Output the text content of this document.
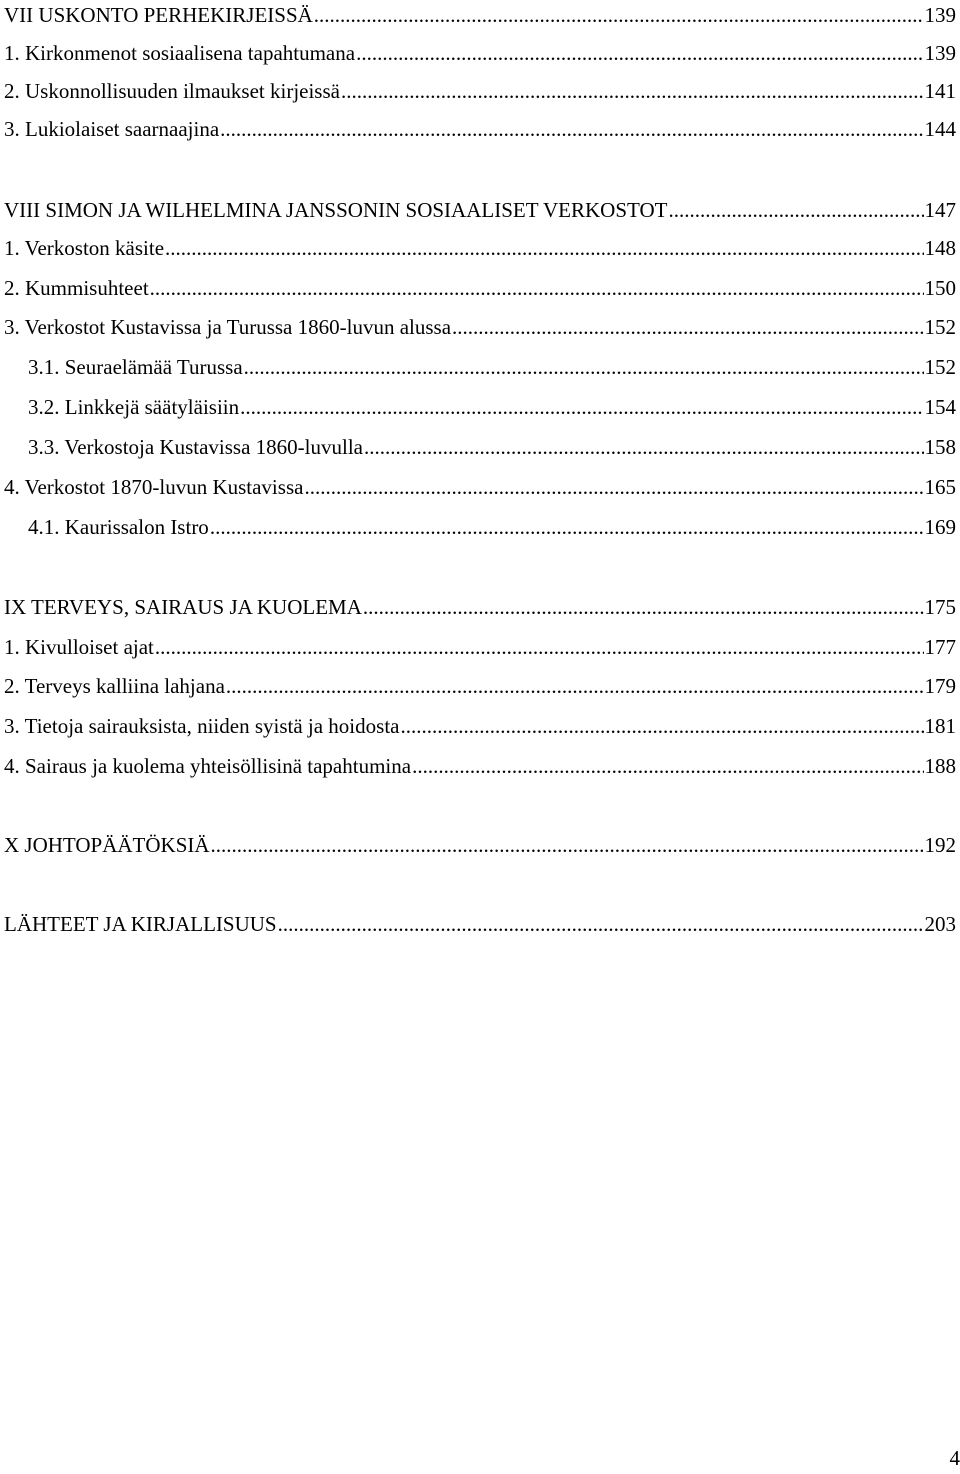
VII USKONTO PERHEKIRJEISSÄ .....	139
1. Kirkonmenot sosiaalisena tapahtumana .....	139
2. Uskonnollisuuden ilmaukset kirjeissä .....	141
3. Lukiolaiset saarnaajina .....	144
VIII SIMON JA WILHELMINA JANSSONIN SOSIAALISET VERKOSTOT .....	147
1. Verkoston käsite .....	148
2. Kummisuhteet .....	150
3. Verkostot Kustavissa ja Turussa 1860-luvun alussa .....	152
3.1. Seuraelämää Turussa .....	152
3.2. Linkkejä säätyläisiin .....	154
3.3. Verkostoja Kustavissa 1860-luvulla .....	158
4. Verkostot 1870-luvun Kustavissa .....	165
4.1. Kaurissalon Istro .....	169
IX TERVEYS, SAIRAUS JA KUOLEMA .....	175
1. Kivulloiset ajat .....	177
2. Terveys kalliina lahjana .....	179
3. Tietoja sairauksista, niiden syistä ja hoidosta .....	181
4. Sairaus ja kuolema yhteisöllisinä tapahtumina .....	188
X JOHTOPÄÄTÖKSIÄ .....	192
LÄHTEET JA KIRJALLISUUS .....	203
4
